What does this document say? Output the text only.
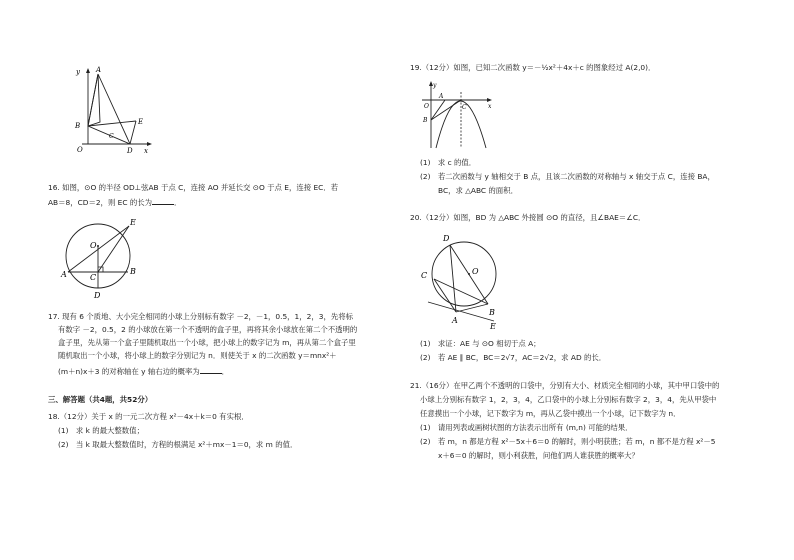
y A
B
C
E
O	D x
16. 如图，⊙O 的半径 OD⊥弦AB 于点 C，连接 AO 并延长交 ⊙O 于点 E，连接 EC．若
AB＝8，CD＝2，则 EC 的长为	．
E
O
A	C
B
D
17. 现有 6 个质地、大小完全相同的小球上分别标有数字 －2，－1，0.5，1，2，3，先将标
有数字 －2，0.5，2 的小球放在第一个不透明的盒子里，再将其余小球放在第二个不透明的
盒子里，先从第一个盒子里随机取出一个小球，把小球上的数字记为 m，再从第二个盒子里
随机取出一个小球，将小球上的数字分别记为 n．则使关于 x 的二次函数 y＝mnx²＋
(m＋n)x＋3 的对称轴在 y 轴右边的概率为	．
三、解答题（共4题，共52分）
18.（12分）关于 x 的一元二次方程 x²－4x＋k＝0 有实根．
(1)　求 k 的最大整数值；
(2)　当 k 取最大整数值时，方程的根满足 x²＋mx－1＝0，求 m 的值．
19.（12分）如图，已知二次函数 y＝－½x²＋4x＋c 的图象经过 A(2,0)．
y
A
C
B
O	x
(1)　求 c 的值．
(2)　若二次函数与 y 轴相交于 B 点，且该二次函数的对称轴与 x 轴交于点 C，连接 BA，
BC，求 △ABC 的面积．
20.（12分）如图，BD 为 △ABC 外接圆 ⊙O 的直径，且∠BAE＝∠C．
D
O
C
A
B
E
(1)　求证：AE 与 ⊙O 相切于点 A；
(2)　若 AE ∥ BC，BC＝2√7，AC＝2√2，求 AD 的长．
21.（16分）在甲乙两个不透明的口袋中，分别有大小、材质完全相同的小球，其中甲口袋中的
小球上分别标有数字 1，2，3，4，乙口袋中的小球上分别标有数字 2，3，4，先从甲袋中
任意摸出一个小球，记下数字为 m，再从乙袋中摸出一个小球，记下数字为 n．
(1)　请用列表或画树状图的方法表示出所有 (m,n) 可能的结果．
(2)　若 m，n 都是方程 x²－5x＋6＝0 的解时，则小明获胜；若 m，n 都不是方程 x²－5
x＋6＝0 的解时，则小利获胜，问他们两人谁获胜的概率大？
